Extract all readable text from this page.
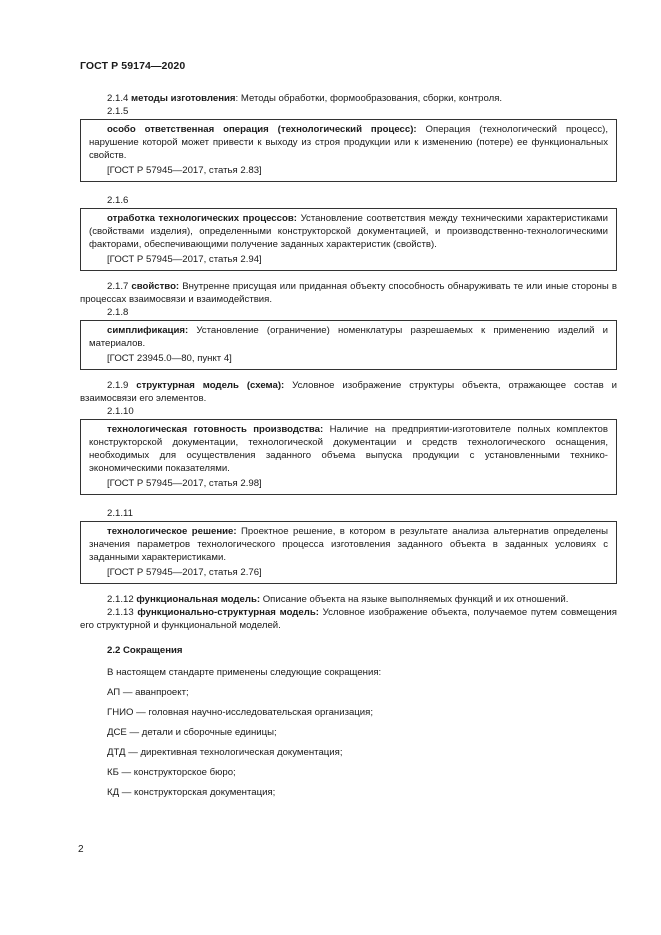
ГОСТ Р 59174—2020

2.1.4 методы изготовления: Методы обработки, формообразования, сборки, контроля.

2.1.5

особо ответственная операция (технологический процесс): Операция (технологический процесс), нарушение которой может привести к выходу из строя продукции или к изменению (потере) ее функциональных свойств.

[ГОСТ Р 57945—2017, статья 2.83]

2.1.6

отработка технологических процессов: Установление соответствия между техническими характеристиками (свойствами изделия), определенными конструкторской документацией, и производственно-технологическими факторами, обеспечивающими получение заданных характеристик (свойств).

[ГОСТ Р 57945—2017, статья 2.94]

2.1.7 свойство: Внутренне присущая или приданная объекту способность обнаруживать те или иные стороны в процессах взаимосвязи и взаимодействия.

2.1.8

симплификация: Установление (ограничение) номенклатуры разрешаемых к применению изделий и материалов.

[ГОСТ 23945.0—80, пункт 4]

2.1.9 структурная модель (схема): Условное изображение структуры объекта, отражающее состав и взаимосвязи его элементов.

2.1.10

технологическая готовность производства: Наличие на предприятии-изготовителе полных комплектов конструкторской документации, технологической документации и средств технологического оснащения, необходимых для осуществления заданного объема выпуска продукции с установленными технико-экономическими показателями.

[ГОСТ Р 57945—2017, статья 2.98]

2.1.11

технологическое решение: Проектное решение, в котором в результате анализа альтернатив определены значения параметров технологического процесса изготовления заданного объекта в заданных условиях с заданными характеристиками.

[ГОСТ Р 57945—2017, статья 2.76]

2.1.12 функциональная модель: Описание объекта на языке выполняемых функций и их отношений.

2.1.13 функционально-структурная модель: Условное изображение объекта, получаемое путем совмещения его структурной и функциональной моделей.

2.2 Сокращения

В настоящем стандарте применены следующие сокращения:

АП — аванпроект;

ГНИО — головная научно-исследовательская организация;

ДСЕ — детали и сборочные единицы;

ДТД — директивная технологическая документация;

КБ — конструкторское бюро;

КД — конструкторская документация;

2
